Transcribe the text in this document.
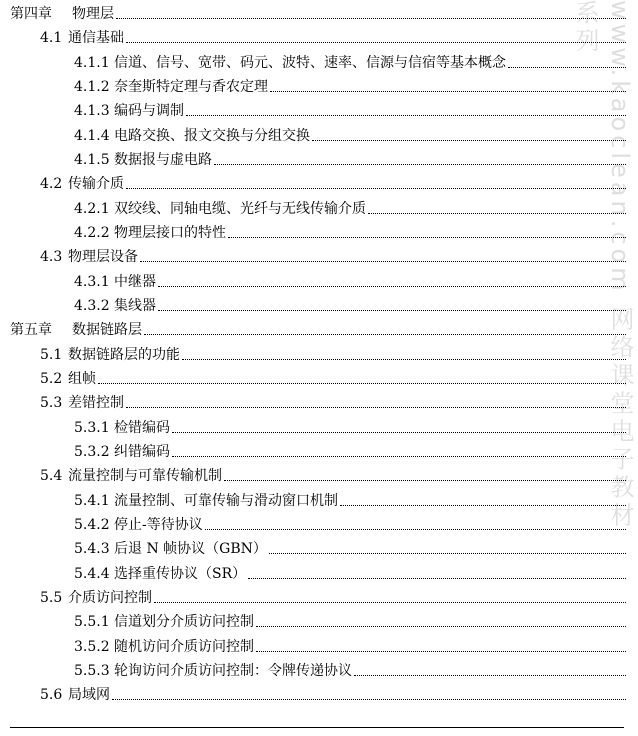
www.kaoclean.com 网络课堂电子教材系列
第四章	物理层
4.1 通信基础
4.1.1 信道、信号、宽带、码元、波特、速率、信源与信宿等基本概念
4.1.2 奈奎斯特定理与香农定理
4.1.3 编码与调制
4.1.4 电路交换、报文交换与分组交换
4.1.5 数据报与虚电路
4.2 传输介质
4.2.1 双绞线、同轴电缆、光纤与无线传输介质
4.2.2 物理层接口的特性
4.3 物理层设备
4.3.1 中继器
4.3.2 集线器
第五章	数据链路层
5.1 数据链路层的功能
5.2 组帧
5.3 差错控制
5.3.1 检错编码
5.3.2 纠错编码
5.4 流量控制与可靠传输机制
5.4.1 流量控制、可靠传输与滑动窗口机制
5.4.2 停止-等待协议
5.4.3 后退 N 帧协议（GBN）
5.4.4 选择重传协议（SR）
5.5 介质访问控制
5.5.1 信道划分介质访问控制
3.5.2 随机访问介质访问控制
5.5.3 轮询访问介质访问控制：令牌传递协议
5.6 局域网
